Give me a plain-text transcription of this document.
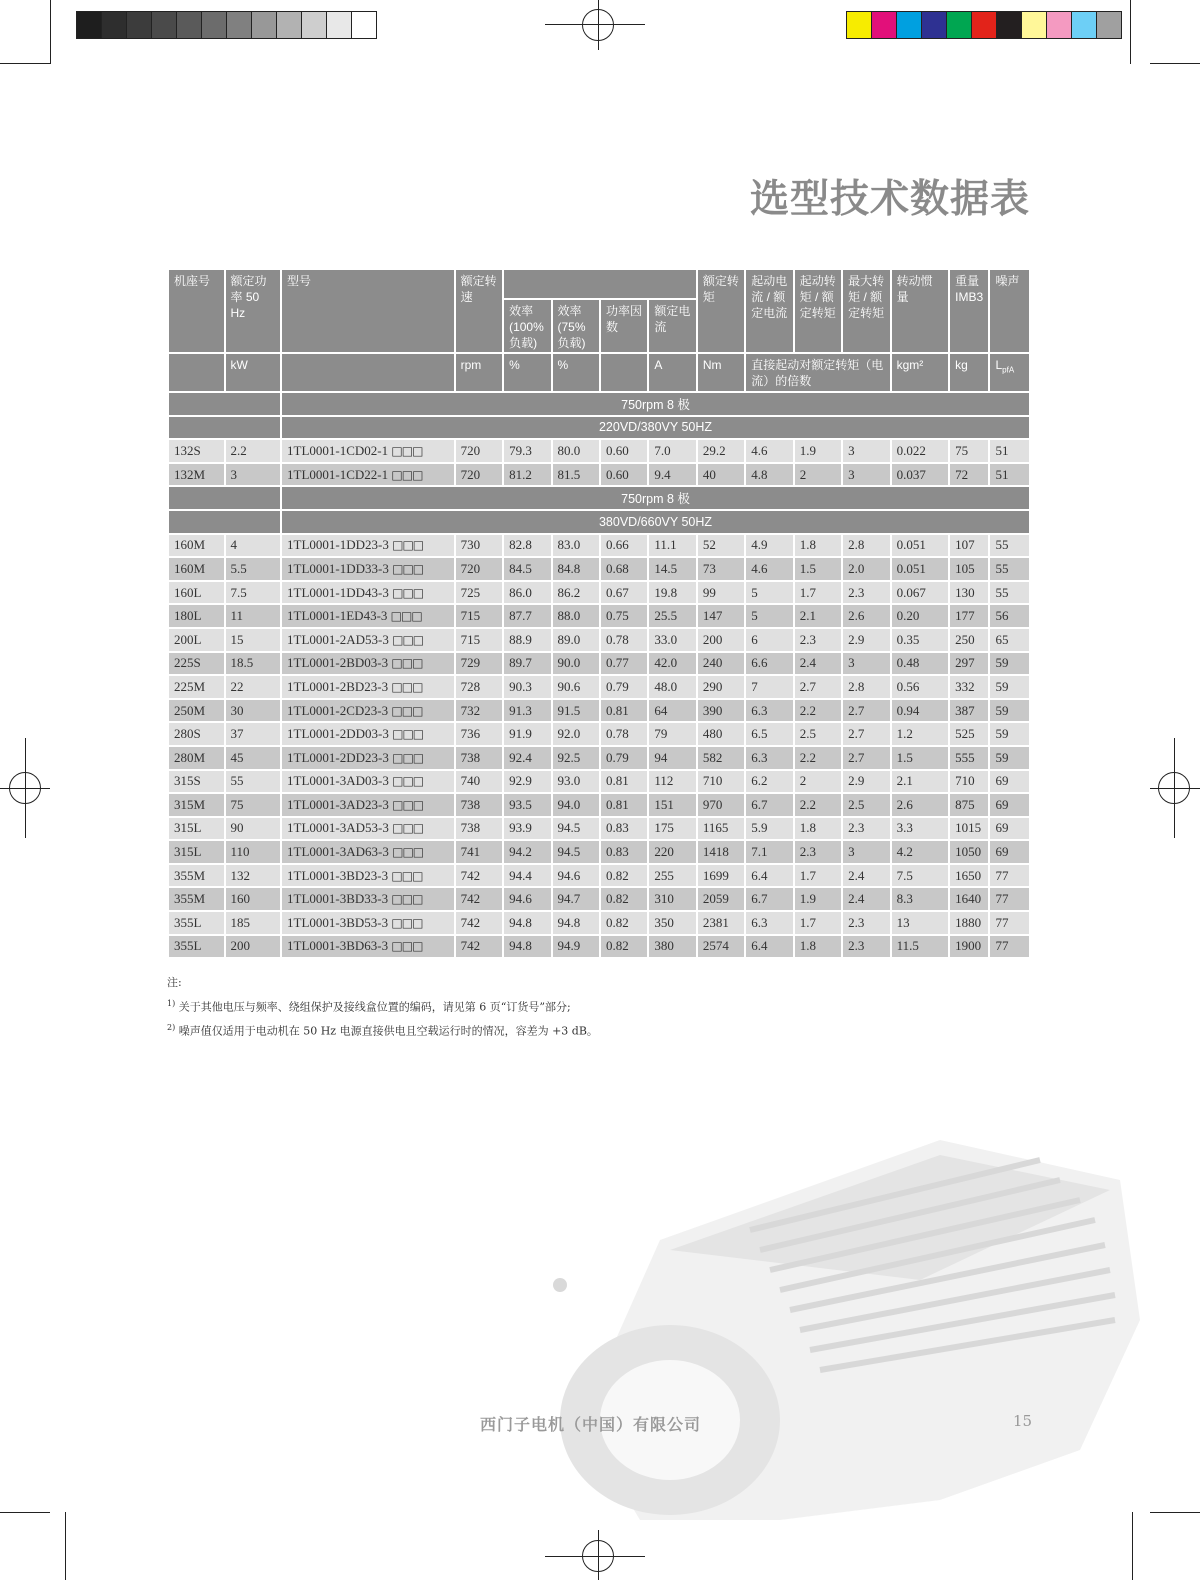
选型技术数据表
机座号	额定功率 50 Hz	型号	额定转速					额定转矩	起动电流 / 额定电流	起动转矩 / 额定转矩	最大转矩 / 额定转矩	转动惯量	重量 IMB3	噪声
				效率 (100% 负载)	效率 (75% 负载)	功率因数	额定电流							
	kW		rpm	%	%		A	Nm	直接起动对额定转矩（电流）的倍数			kgm²	kg	$L_{pfA}$
		750rpm 8 极												
		220VD/380VY 50HZ												
132S	2.2	1TL0001-1CD02-1 □□□	720	79.3	80.0	0.60	7.0	29.2	4.6	1.9	3	0.022	75	51
132M	3	1TL0001-1CD22-1 □□□	720	81.2	81.5	0.60	9.4	40	4.8	2	3	0.037	72	51
		750rpm 8 极												
		380VD/660VY 50HZ												
160M	4	1TL0001-1DD23-3 □□□	730	82.8	83.0	0.66	11.1	52	4.9	1.8	2.8	0.051	107	55
160M	5.5	1TL0001-1DD33-3 □□□	720	84.5	84.8	0.68	14.5	73	4.6	1.5	2.0	0.051	105	55
160L	7.5	1TL0001-1DD43-3 □□□	725	86.0	86.2	0.67	19.8	99	5	1.7	2.3	0.067	130	55
180L	11	1TL0001-1ED43-3 □□□	715	87.7	88.0	0.75	25.5	147	5	2.1	2.6	0.20	177	56
200L	15	1TL0001-2AD53-3 □□□	715	88.9	89.0	0.78	33.0	200	6	2.3	2.9	0.35	250	65
225S	18.5	1TL0001-2BD03-3 □□□	729	89.7	90.0	0.77	42.0	240	6.6	2.4	3	0.48	297	59
225M	22	1TL0001-2BD23-3 □□□	728	90.3	90.6	0.79	48.0	290	7	2.7	2.8	0.56	332	59
250M	30	1TL0001-2CD23-3 □□□	732	91.3	91.5	0.81	64	390	6.3	2.2	2.7	0.94	387	59
280S	37	1TL0001-2DD03-3 □□□	736	91.9	92.0	0.78	79	480	6.5	2.5	2.7	1.2	525	59
280M	45	1TL0001-2DD23-3 □□□	738	92.4	92.5	0.79	94	582	6.3	2.2	2.7	1.5	555	59
315S	55	1TL0001-3AD03-3 □□□	740	92.9	93.0	0.81	112	710	6.2	2	2.9	2.1	710	69
315M	75	1TL0001-3AD23-3 □□□	738	93.5	94.0	0.81	151	970	6.7	2.2	2.5	2.6	875	69
315L	90	1TL0001-3AD53-3 □□□	738	93.9	94.5	0.83	175	1165	5.9	1.8	2.3	3.3	1015	69
315L	110	1TL0001-3AD63-3 □□□	741	94.2	94.5	0.83	220	1418	7.1	2.3	3	4.2	1050	69
355M	132	1TL0001-3BD23-3 □□□	742	94.4	94.6	0.82	255	1699	6.4	1.7	2.4	7.5	1650	77
355M	160	1TL0001-3BD33-3 □□□	742	94.6	94.7	0.82	310	2059	6.7	1.9	2.4	8.3	1640	77
355L	185	1TL0001-3BD53-3 □□□	742	94.8	94.8	0.82	350	2381	6.3	1.7	2.3	13	1880	77
355L	200	1TL0001-3BD63-3 □□□	742	94.8	94.9	0.82	380	2574	6.4	1.8	2.3	11.5	1900	77
注:
$^{1)}$ 关于其他电压与频率、绕组保护及接线盒位置的编码，请见第 6 页“订货号”部分;
$^{2)}$ 噪声值仅适用于电动机在 50 Hz 电源直接供电且空载运行时的情况，容差为 +3 dB。
西门子电机（中国）有限公司	15
